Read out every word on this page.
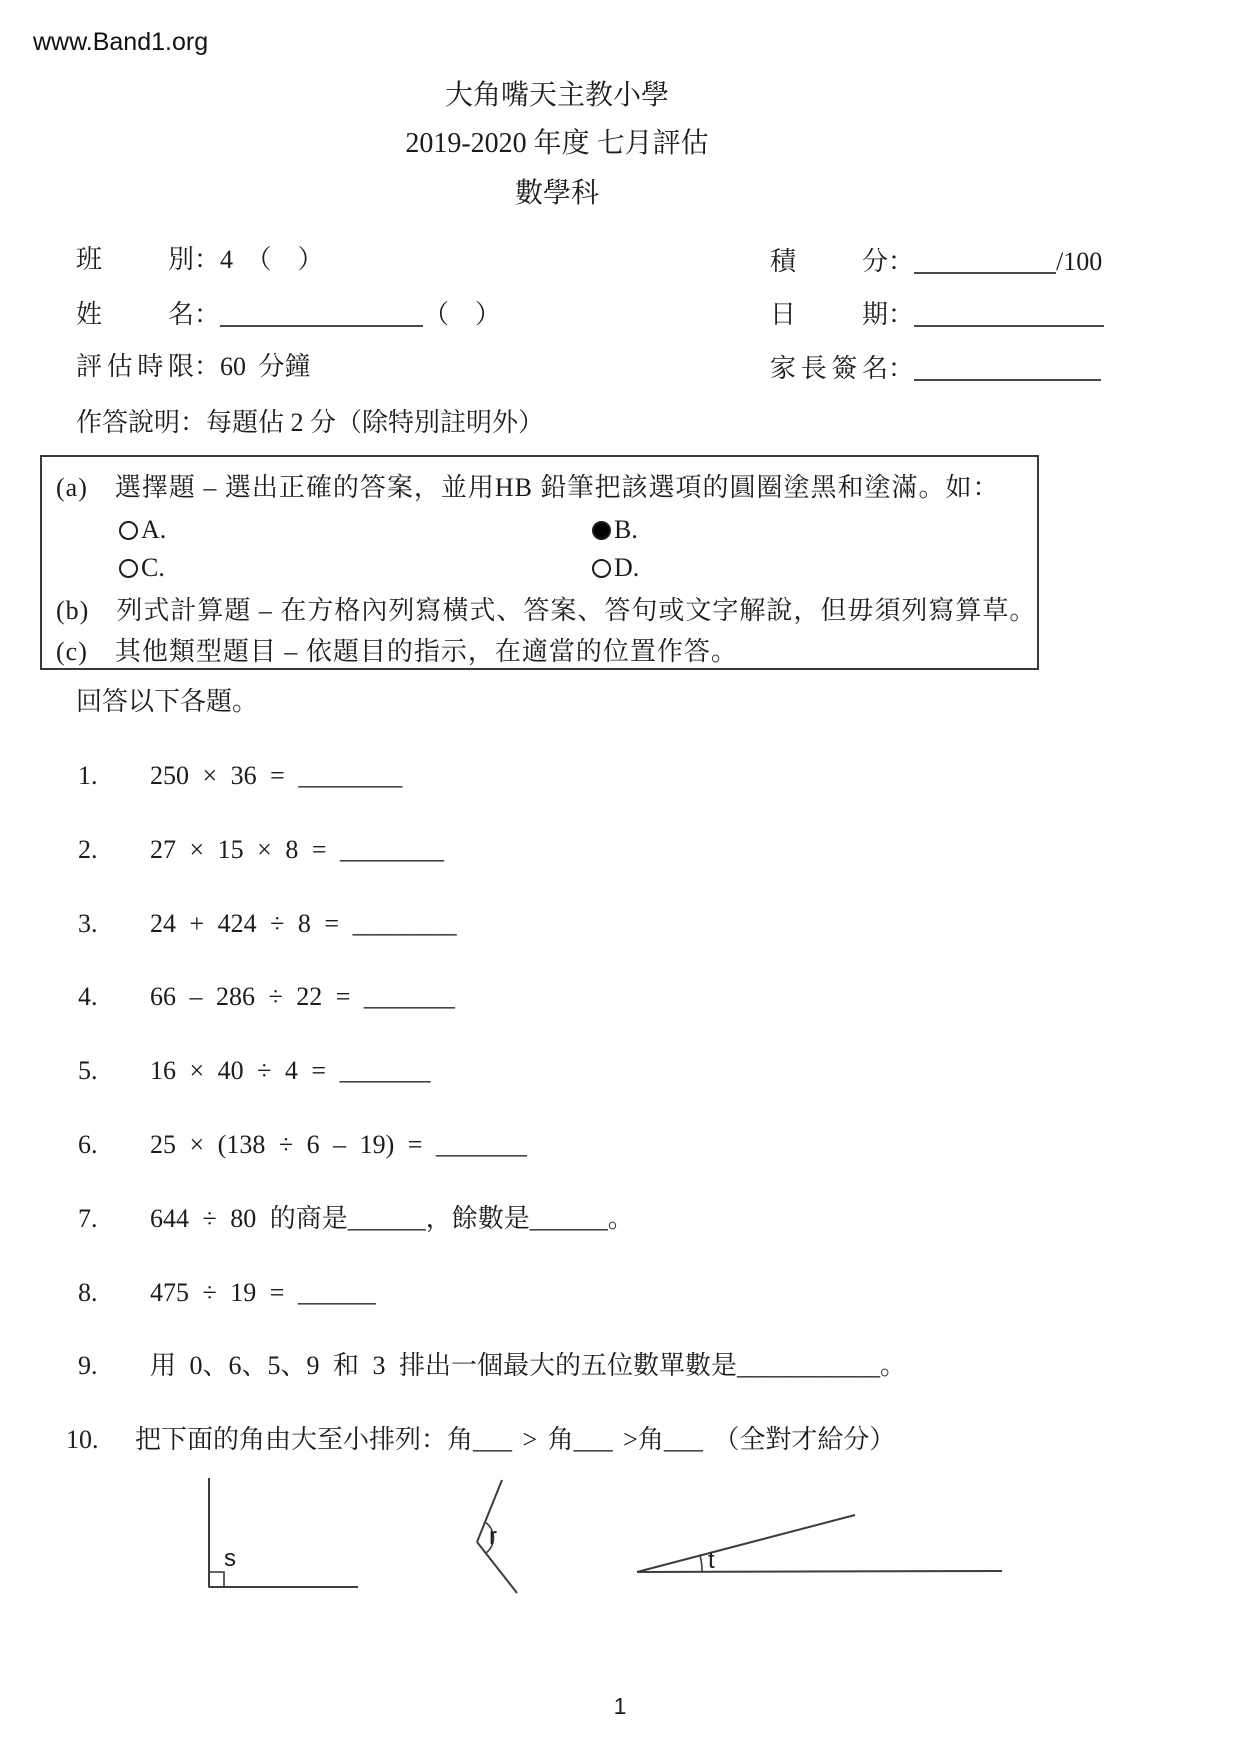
www.Band1.org
大角嘴天主教小學
2019-2020 年度 七月評估
數學科
班別：4 （　）	積分：	/100
姓名：	（　）	日期：
評估時限：60 分鐘	家長簽名：
作答說明：每題佔 2 分（除特別註明外）
(a)　選擇題 – 選出正確的答案，並用HB 鉛筆把該選項的圓圈塗黑和塗滿。如：
A.	B.
C.	D.
(b)　列式計算題 – 在方格內列寫橫式、答案、答句或文字解說，但毋須列寫算草。
(c)　其他類型題目 – 依題目的指示，在適當的位置作答。
回答以下各題。
1. 250 × 36 = ________
2. 27 × 15 × 8 = ________
3. 24 + 424 ÷ 8 = ________
4. 66 – 286 ÷ 22 = _______
5. 16 × 40 ÷ 4 = _______
6. 25 × (138 ÷ 6 – 19) = _______
7. 644 ÷ 80 的商是______，餘數是______。
8. 475 ÷ 19 = ______
9. 用 0、6、5、9 和 3 排出一個最大的五位數單數是___________。
10. 把下面的角由大至小排列：角___ > 角___ >角___ （全對才給分）
s
r
t
1
